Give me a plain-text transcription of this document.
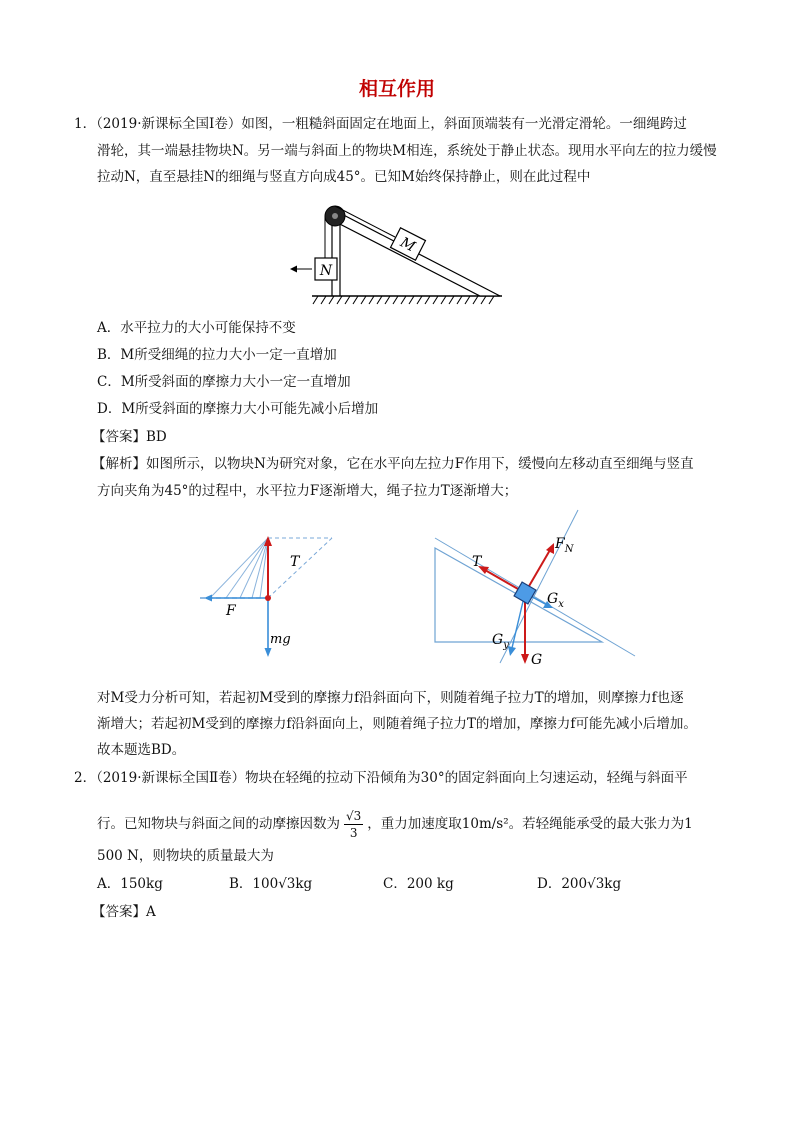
相互作用
1．（2019·新课标全国Ⅰ卷）如图，一粗糙斜面固定在地面上，斜面顶端装有一光滑定滑轮。一细绳跨过
滑轮，其一端悬挂物块N。另一端与斜面上的物块M相连，系统处于静止状态。现用水平向左的拉力缓慢
拉动N，直至悬挂N的细绳与竖直方向成45°。已知M始终保持静止，则在此过程中
M
N
A．水平拉力的大小可能保持不变
B．M所受细绳的拉力大小一定一直增加
C．M所受斜面的摩擦力大小一定一直增加
D．M所受斜面的摩擦力大小可能先减小后增加
【答案】BD
【解析】如图所示，以物块N为研究对象，它在水平向左拉力F作用下，缓慢向左移动直至细绳与竖直
方向夹角为45°的过程中，水平拉力F逐渐增大，绳子拉力T逐渐增大；
T
F
mg
T
$F_N$
$G_x$
$G_y$
G
对M受力分析可知，若起初M受到的摩擦力f沿斜面向下，则随着绳子拉力T的增加，则摩擦力f也逐
渐增大；若起初M受到的摩擦力f沿斜面向上，则随着绳子拉力T的增加，摩擦力f可能先减小后增加。
故本题选BD。
2．（2019·新课标全国Ⅱ卷）物块在轻绳的拉动下沿倾角为30°的固定斜面向上匀速运动，轻绳与斜面平
行。已知物块与斜面之间的动摩擦因数为 $\frac{√3}{3}$ ，重力加速度取10m/s²。若轻绳能承受的最大张力为1
500 N，则物块的质量最大为
A．150kg	B．100√3kg	C．200 kg	D．200√3kg
【答案】A
